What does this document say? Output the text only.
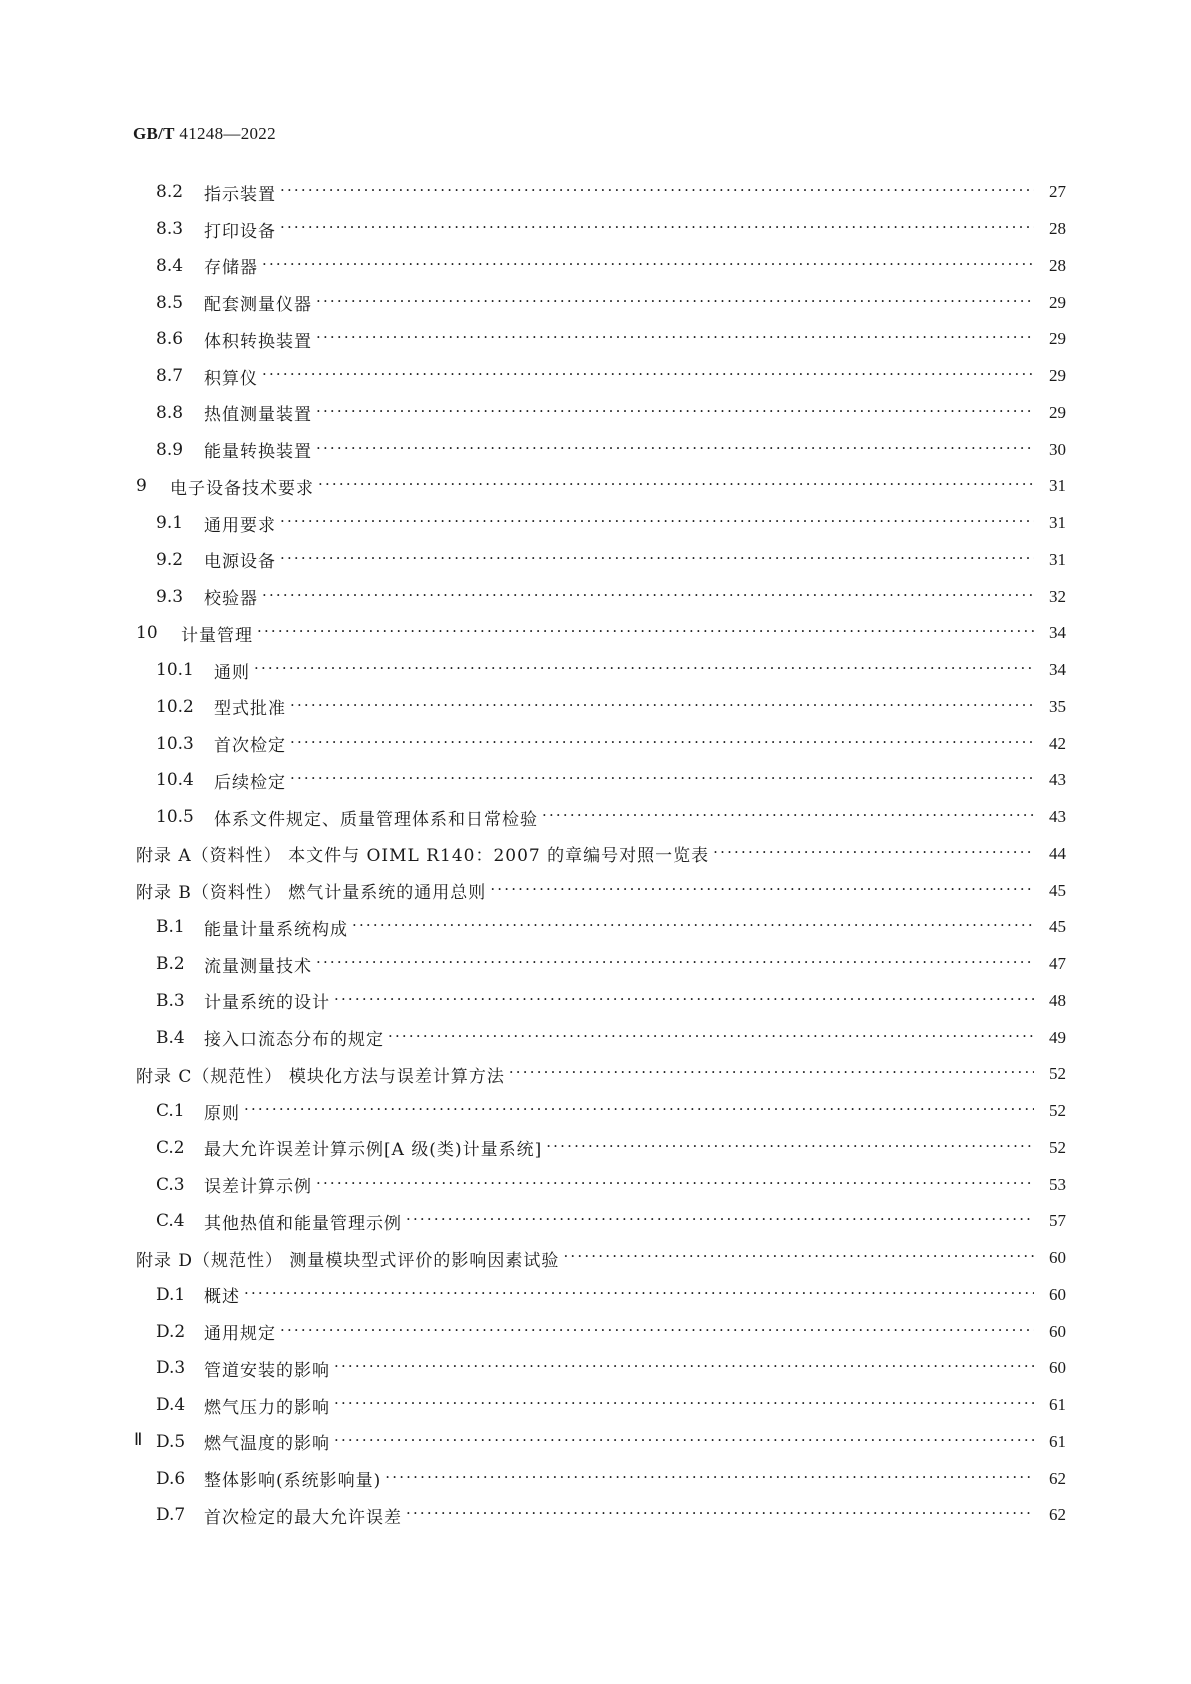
GB/T 41248—2022
8.2	指示装置 ·····	27
8.3	打印设备 ·····	28
8.4	存储器 ·····	28
8.5	配套测量仪器 ·····	29
8.6	体积转换装置 ·····	29
8.7	积算仪 ·····	29
8.8	热值测量装置 ·····	29
8.9	能量转换装置 ·····	30
9	电子设备技术要求 ·····	31
9.1	通用要求 ·····	31
9.2	电源设备 ·····	31
9.3	校验器 ·····	32
10	计量管理 ·····	34
10.1	通则 ·····	34
10.2	型式批准 ·····	35
10.3	首次检定 ·····	42
10.4	后续检定 ·····	43
10.5	体系文件规定、质量管理体系和日常检验 ·····	43
附录 A（资料性） 本文件与 OIML R140：2007 的章编号对照一览表 ·····	44
附录 B（资料性） 燃气计量系统的通用总则 ·····	45
B.1	能量计量系统构成 ·····	45
B.2	流量测量技术 ·····	47
B.3	计量系统的设计 ·····	48
B.4	接入口流态分布的规定 ·····	49
附录 C（规范性） 模块化方法与误差计算方法 ·····	52
C.1	原则 ·····	52
C.2	最大允许误差计算示例[A 级(类)计量系统] ·····	52
C.3	误差计算示例 ·····	53
C.4	其他热值和能量管理示例 ·····	57
附录 D（规范性） 测量模块型式评价的影响因素试验 ·····	60
D.1	概述 ·····	60
D.2	通用规定 ·····	60
D.3	管道安装的影响 ·····	60
D.4	燃气压力的影响 ·····	61
D.5	燃气温度的影响 ·····	61
D.6	整体影响(系统影响量) ·····	62
D.7	首次检定的最大允许误差 ·····	62
Ⅱ
